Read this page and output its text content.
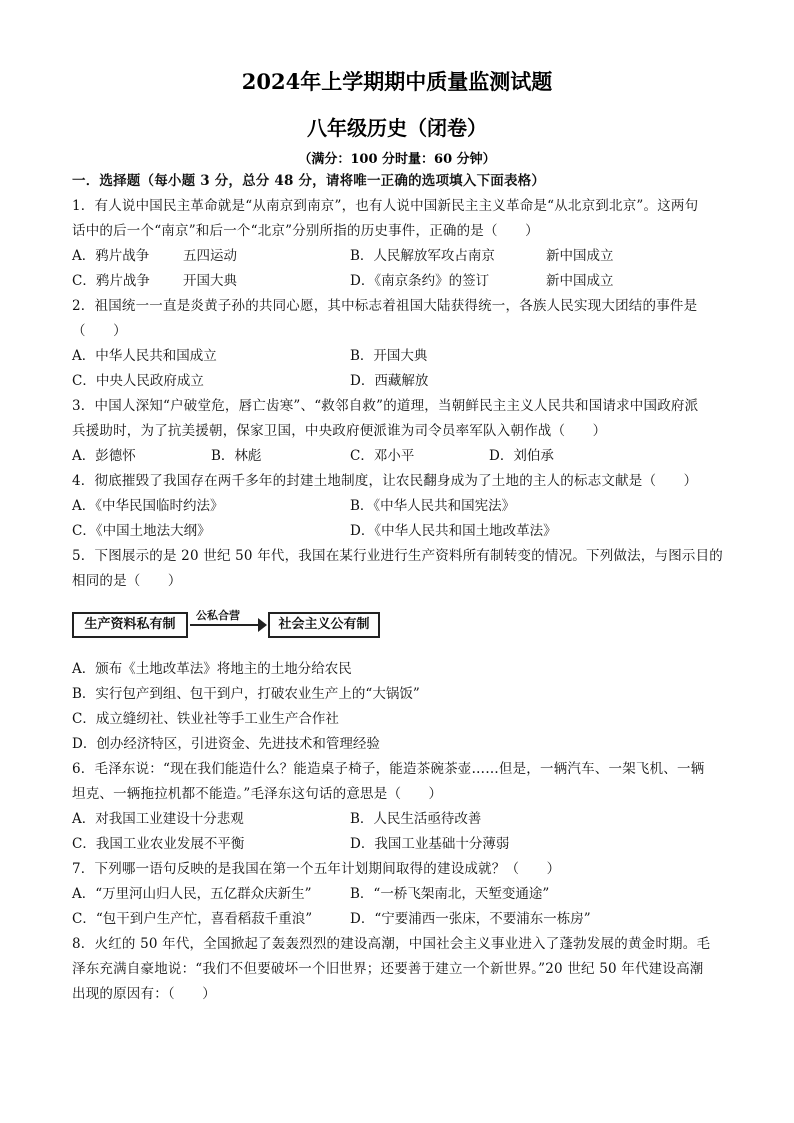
2024年上学期期中质量监测试题
八年级历史（闭卷）
（满分：100 分时量：60 分钟）
一．选择题（每小题 3 分，总分 48 分，请将唯一正确的选项填入下面表格）
1．有人说中国民主革命就是“从南京到南京”，也有人说中国新民主主义革命是“从北京到北京”。这两句
话中的后一个“南京”和后一个“北京”分别所指的历史事件，正确的是（　　）
A．鸦片战争	五四运动	B．人民解放军攻占南京	新中国成立
C．鸦片战争 开国大典	D．《南京条约》的签订	新中国成立
2．祖国统一一直是炎黄子孙的共同心愿，其中标志着祖国大陆获得统一，各族人民实现大团结的事件是
（　　）
A．中华人民共和国成立	B．开国大典
C．中央人民政府成立	D．西藏解放
3．中国人深知“户破堂危，唇亡齿寒”、“救邻自救”的道理，当朝鲜民主主义人民共和国请求中国政府派
兵援助时，为了抗美援朝，保家卫国，中央政府便派谁为司令员率军队入朝作战（　　）
A．彭德怀	B．林彪	C．邓小平	D．刘伯承
4．彻底摧毁了我国存在两千多年的封建土地制度，让农民翻身成为了土地的主人的标志文献是（　　）
A．《中华民国临时约法》	B．《中华人民共和国宪法》
C．《中国土地法大纲》	D．《中华人民共和国土地改革法》
5．下图展示的是 20 世纪 50 年代，我国在某行业进行生产资料所有制转变的情况。下列做法，与图示目的
相同的是（　　）
生产资料私有制
公私合营
社会主义公有制
A．颁布《土地改革法》将地主的土地分给农民
B．实行包产到组、包干到户，打破农业生产上的“大锅饭”
C．成立缝纫社、铁业社等手工业生产合作社
D．创办经济特区，引进资金、先进技术和管理经验
6．毛泽东说：“现在我们能造什么？能造桌子椅子，能造茶碗茶壶……但是，一辆汽车、一架飞机、一辆
坦克、一辆拖拉机都不能造。”毛泽东这句话的意思是（　　）
A．对我国工业建设十分悲观	B．人民生活亟待改善
C．我国工业农业发展不平衡	D．我国工业基础十分薄弱
7．下列哪一语句反映的是我国在第一个五年计划期间取得的建设成就？（　　）
A．“万里河山归人民，五亿群众庆新生”	B．“一桥飞架南北，天堑变通途”
C．“包干到户生产忙，喜看稻菽千重浪”	D．“宁要浦西一张床，不要浦东一栋房”
8．火红的 50 年代，全国掀起了轰轰烈烈的建设高潮，中国社会主义事业进入了蓬勃发展的黄金时期。毛
泽东充满自豪地说：“我们不但要破坏一个旧世界；还要善于建立一个新世界。”20 世纪 50 年代建设高潮
出现的原因有：（　　）
